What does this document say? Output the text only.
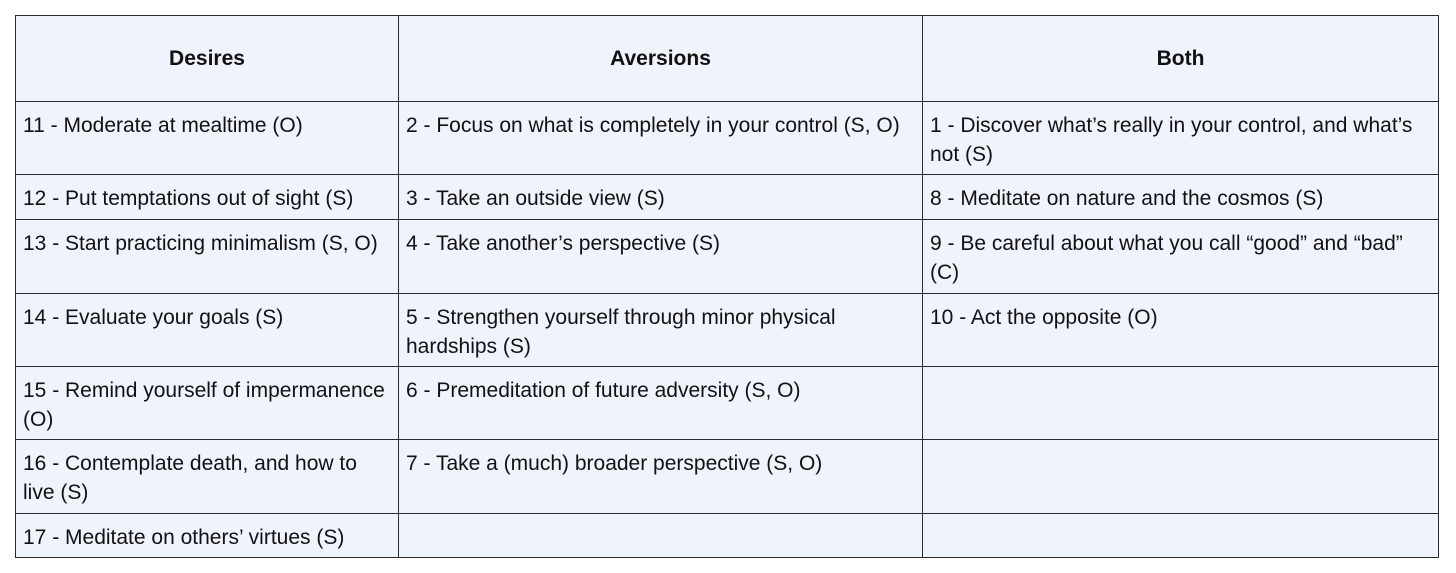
Desires	Aversions	Both
11 - Moderate at mealtime (O)	2 - Focus on what is completely in your control (S, O)	1 - Discover what’s really in your control, and what’s not (S)
12 - Put temptations out of sight (S)	3 - Take an outside view (S)	8 - Meditate on nature and the cosmos (S)
13 - Start practicing minimalism (S, O)	4 - Take another’s perspective (S)	9 - Be careful about what you call “good” and “bad” (C)
14 - Evaluate your goals (S)	5 - Strengthen yourself through minor physical hardships (S)	10 - Act the opposite (O)
15 - Remind yourself of impermanence (O)	6 - Premeditation of future adversity (S, O)	
16 - Contemplate death, and how to live (S)	7 - Take a (much) broader perspective (S, O)	
17 - Meditate on others’ virtues (S)		
